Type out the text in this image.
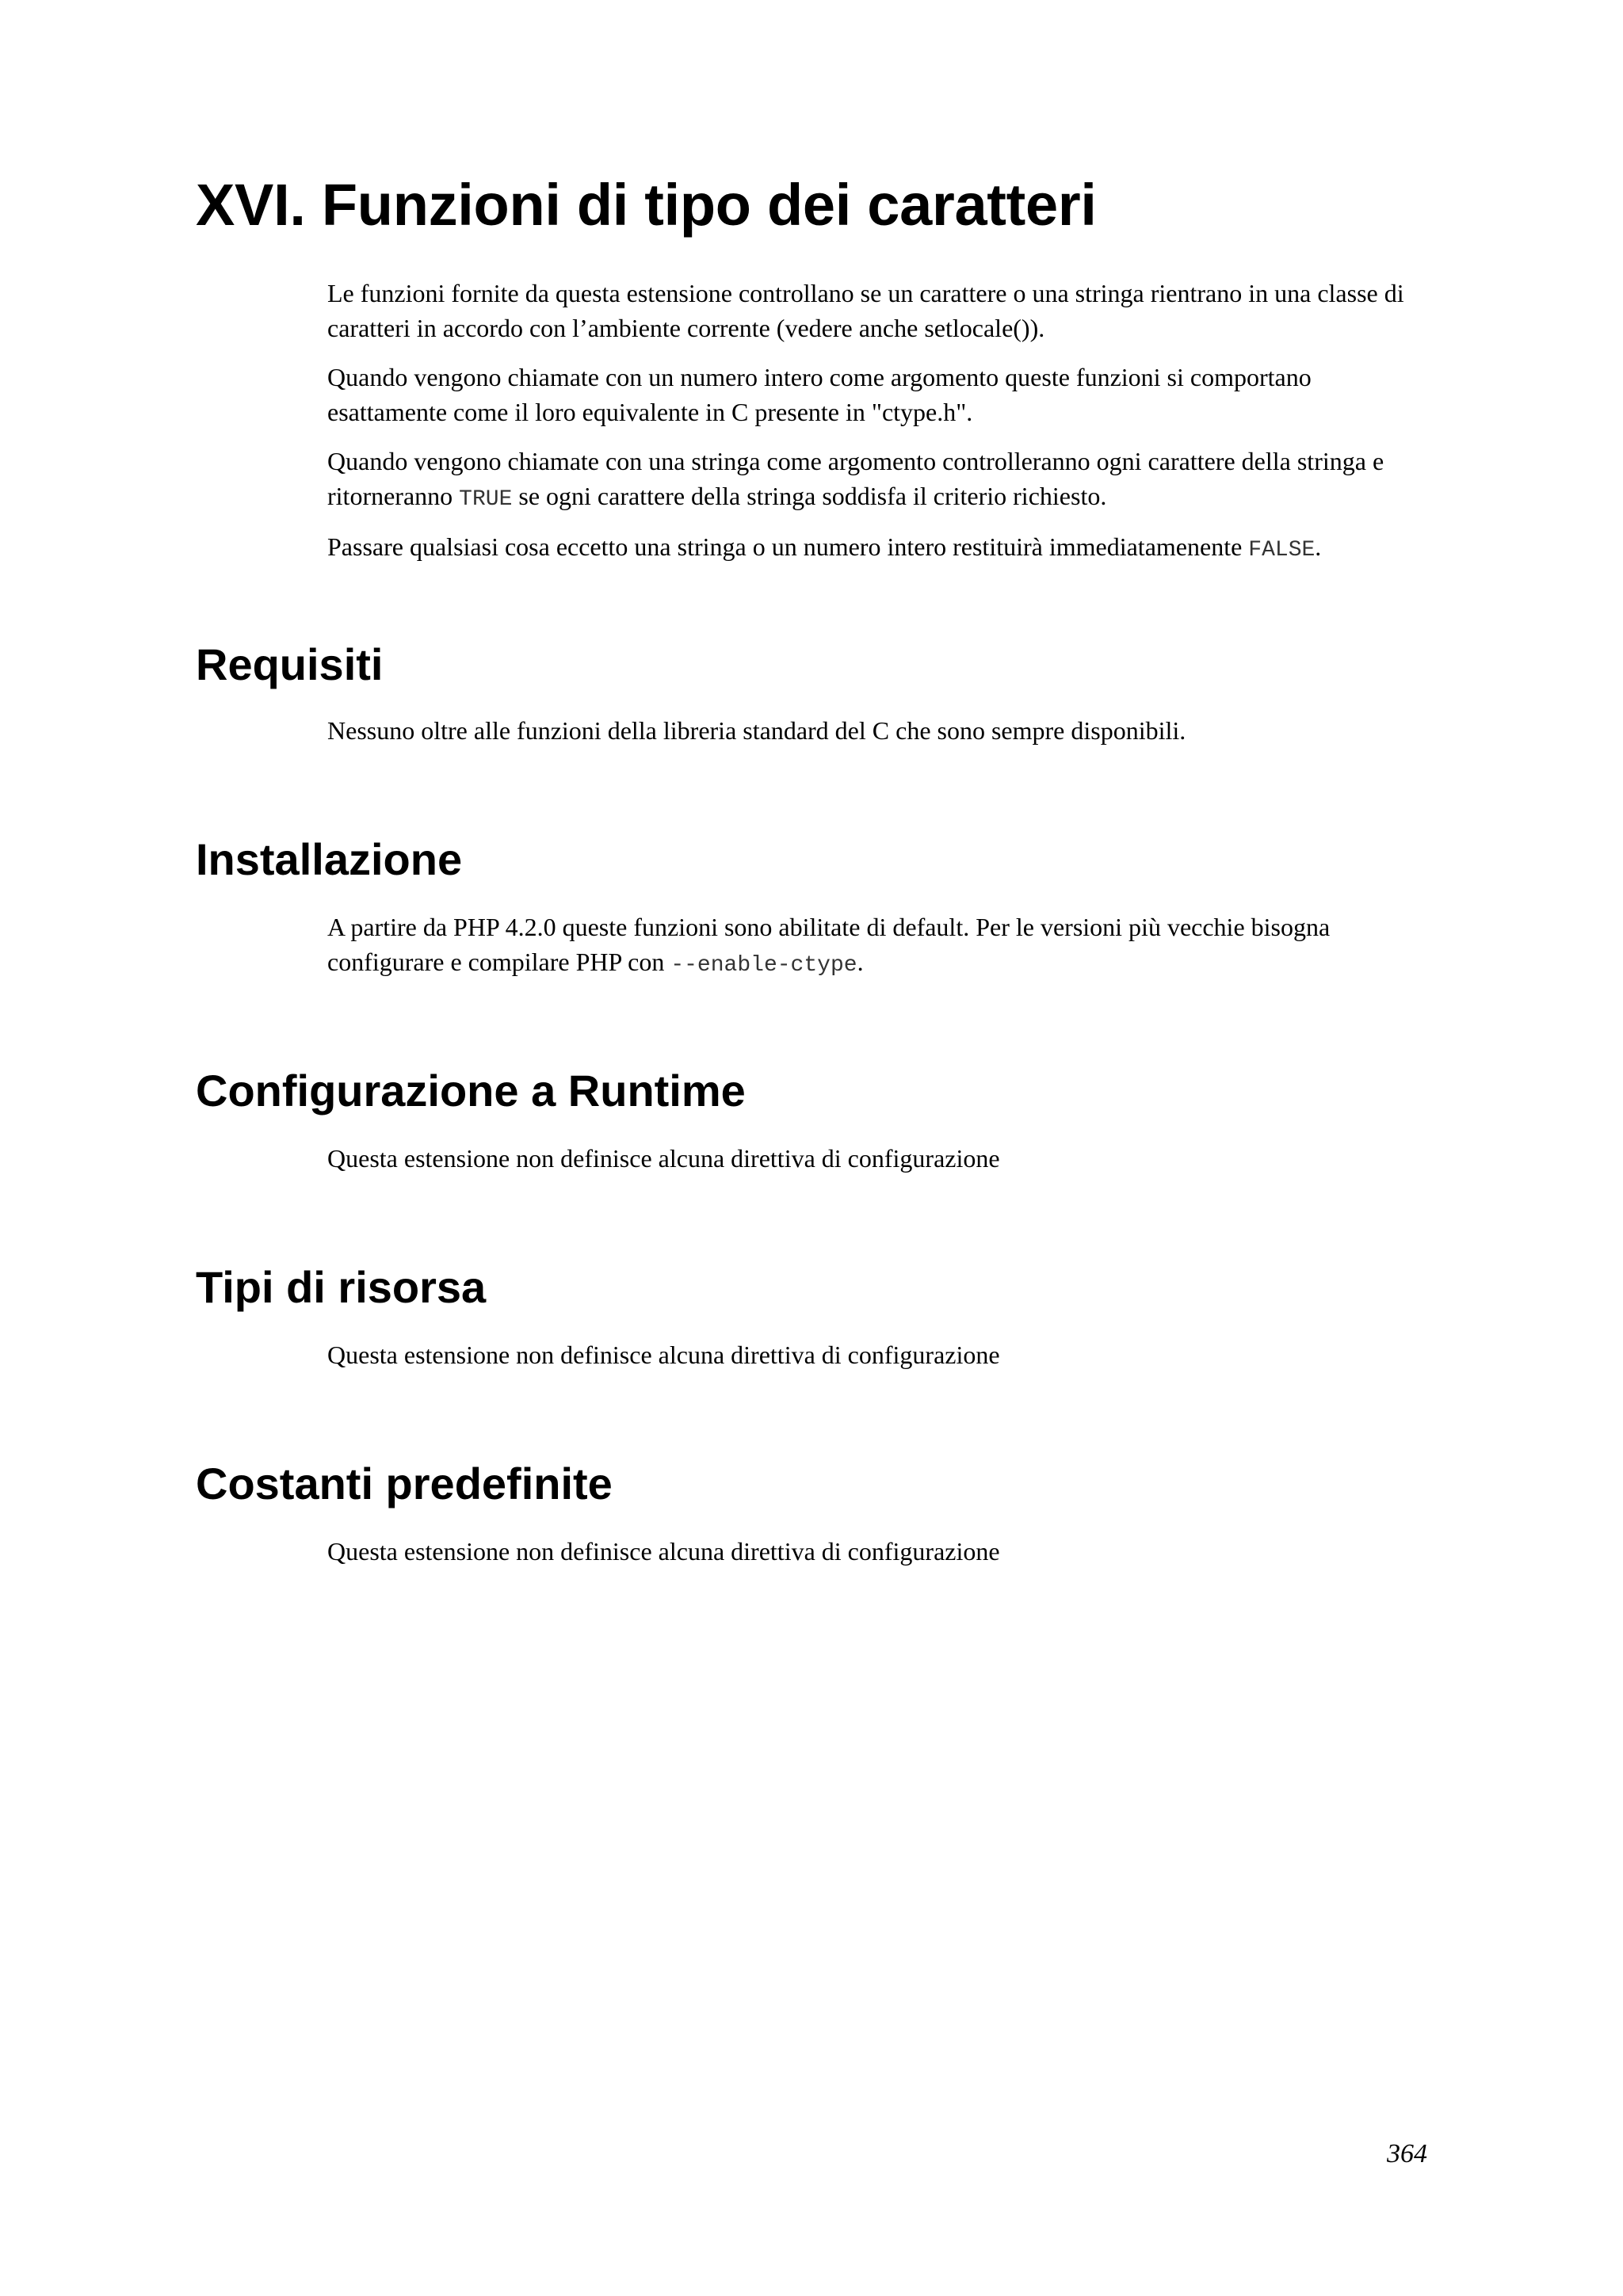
XVI. Funzioni di tipo dei caratteri

Le funzioni fornite da questa estensione controllano se un carattere o una stringa rientrano in una classe di caratteri in accordo con l’ambiente corrente (vedere anche setlocale()).

Quando vengono chiamate con un numero intero come argomento queste funzioni si comportano esattamente come il loro equivalente in C presente in "ctype.h".

Quando vengono chiamate con una stringa come argomento controlleranno ogni carattere della stringa e ritorneranno TRUE se ogni carattere della stringa soddisfa il criterio richiesto.

Passare qualsiasi cosa eccetto una stringa o un numero intero restituirà immediatamenente FALSE.

Requisiti

Nessuno oltre alle funzioni della libreria standard del C che sono sempre disponibili.

Installazione

A partire da PHP 4.2.0 queste funzioni sono abilitate di default. Per le versioni più vecchie bisogna configurare e compilare PHP con --enable-ctype.

Configurazione a Runtime

Questa estensione non definisce alcuna direttiva di configurazione

Tipi di risorsa

Questa estensione non definisce alcuna direttiva di configurazione

Costanti predefinite

Questa estensione non definisce alcuna direttiva di configurazione

364
